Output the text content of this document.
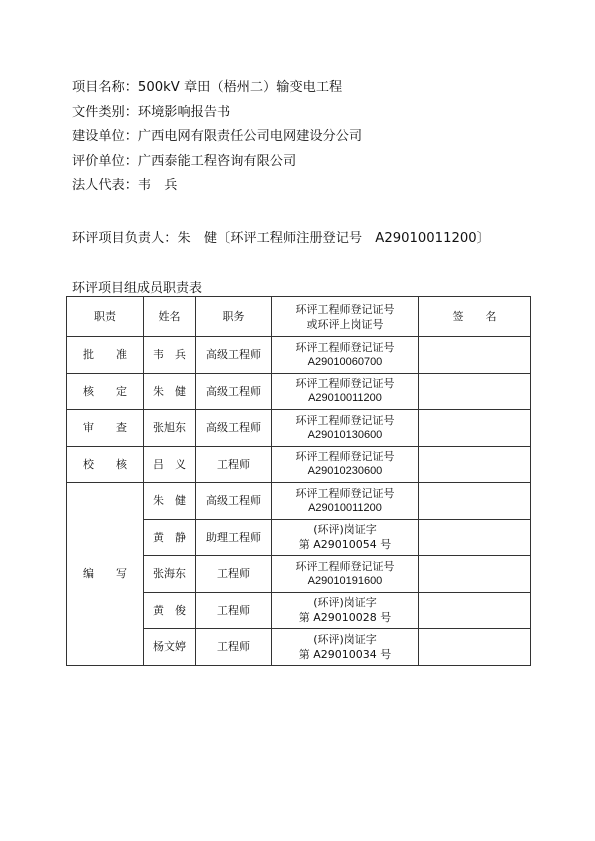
项目名称：500kV 章田（梧州二）输变电工程
文件类别：环境影响报告书
建设单位：广西电网有限责任公司电网建设分公司
评价单位：广西泰能工程咨询有限公司
法人代表：韦　兵
环评项目负责人：朱　健〔环评工程师注册登记号　A29010011200〕
环评项目组成员职责表
职责	姓名	职务	环评工程师登记证号
或环评上岗证号	签　　名
批　　准	韦　兵	高级工程师	环评工程师登记证号
A29010060700	

核　　定	朱　健	高级工程师	环评工程师登记证号
A29010011200	

审　　查	张旭东	高级工程师	环评工程师登记证号
A29010130600	

校　　核	吕　义	工程师	环评工程师登记证号
A29010230600	

编　　写	朱　健	高级工程师	环评工程师登记证号
A29010011200	

	黄　静	助理工程师	(环评)岗证字
第 A29010054 号	

	张海东	工程师	环评工程师登记证号
A29010191600	

	黄　俊	工程师	(环评)岗证字
第 A29010028 号	

	杨文婷	工程师	(环评)岗证字
第 A29010034 号	
